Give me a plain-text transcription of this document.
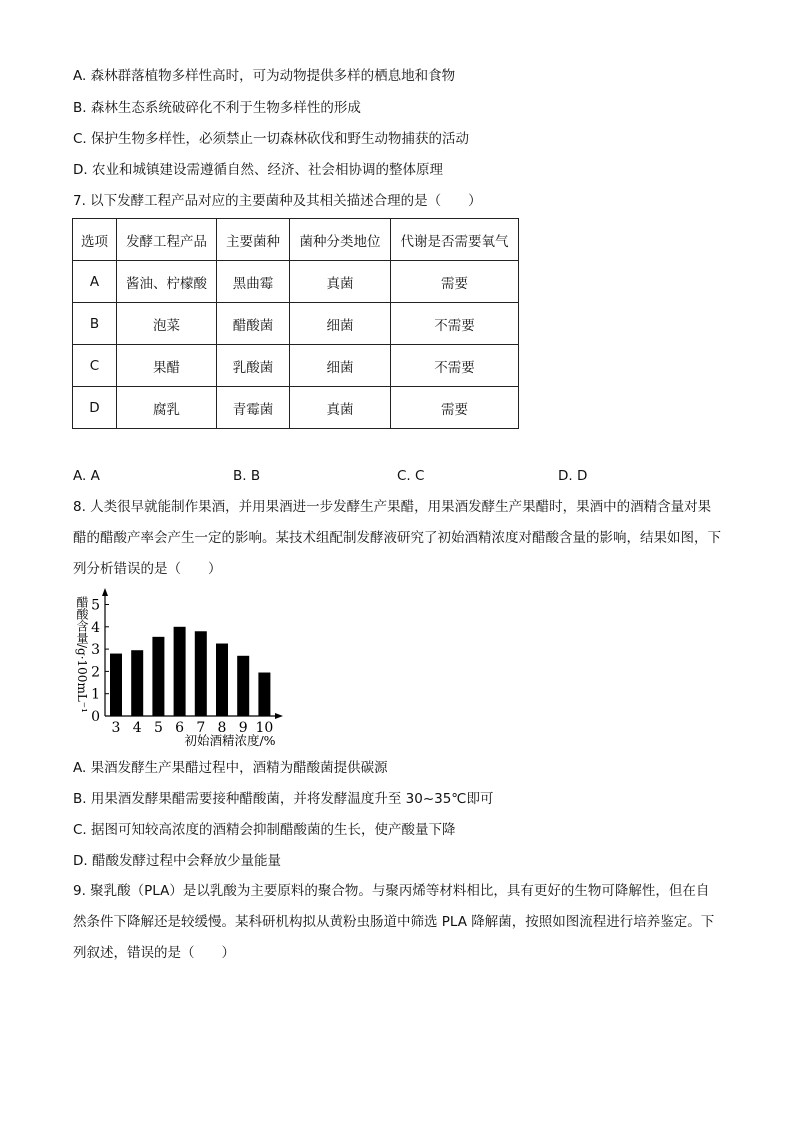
A. 森林群落植物多样性高时，可为动物提供多样的栖息地和食物
B. 森林生态系统破碎化不利于生物多样性的形成
C. 保护生物多样性，必须禁止一切森林砍伐和野生动物捕获的活动
D. 农业和城镇建设需遵循自然、经济、社会相协调的整体原理
7. 以下发酵工程产品对应的主要菌种及其相关描述合理的是（　　）
选项	发酵工程产品	主要菌种	菌种分类地位	代谢是否需要氧气
A	酱油、柠檬酸	黑曲霉	真菌	需要
B	泡菜	醋酸菌	细菌	不需要
C	果醋	乳酸菌	细菌	不需要
D	腐乳	青霉菌	真菌	需要
A. A	B. B	C. C	D. D
8. 人类很早就能制作果酒，并用果酒进一步发酵生产果醋，用果酒发酵生产果醋时，果酒中的酒精含量对果醋的醋酸产率会产生一定的影响。某技术组配制发酵液研究了初始酒精浓度对醋酸含量的影响，结果如图，下列分析错误的是（　　）
0
1
2
3
4
5
3 4 5 6 7 8 9 10
醋酸含量/g·100mL⁻¹
初始酒精浓度/%
A. 果酒发酵生产果醋过程中，酒精为醋酸菌提供碳源
B. 用果酒发酵果醋需要接种醋酸菌，并将发酵温度升至 30~35℃即可
C. 据图可知较高浓度的酒精会抑制醋酸菌的生长，使产酸量下降
D. 醋酸发酵过程中会释放少量能量
9. 聚乳酸（PLA）是以乳酸为主要原料的聚合物。与聚丙烯等材料相比，具有更好的生物可降解性，但在自然条件下降解还是较缓慢。某科研机构拟从黄粉虫肠道中筛选 PLA 降解菌，按照如图流程进行培养鉴定。下列叙述，错误的是（　　）
